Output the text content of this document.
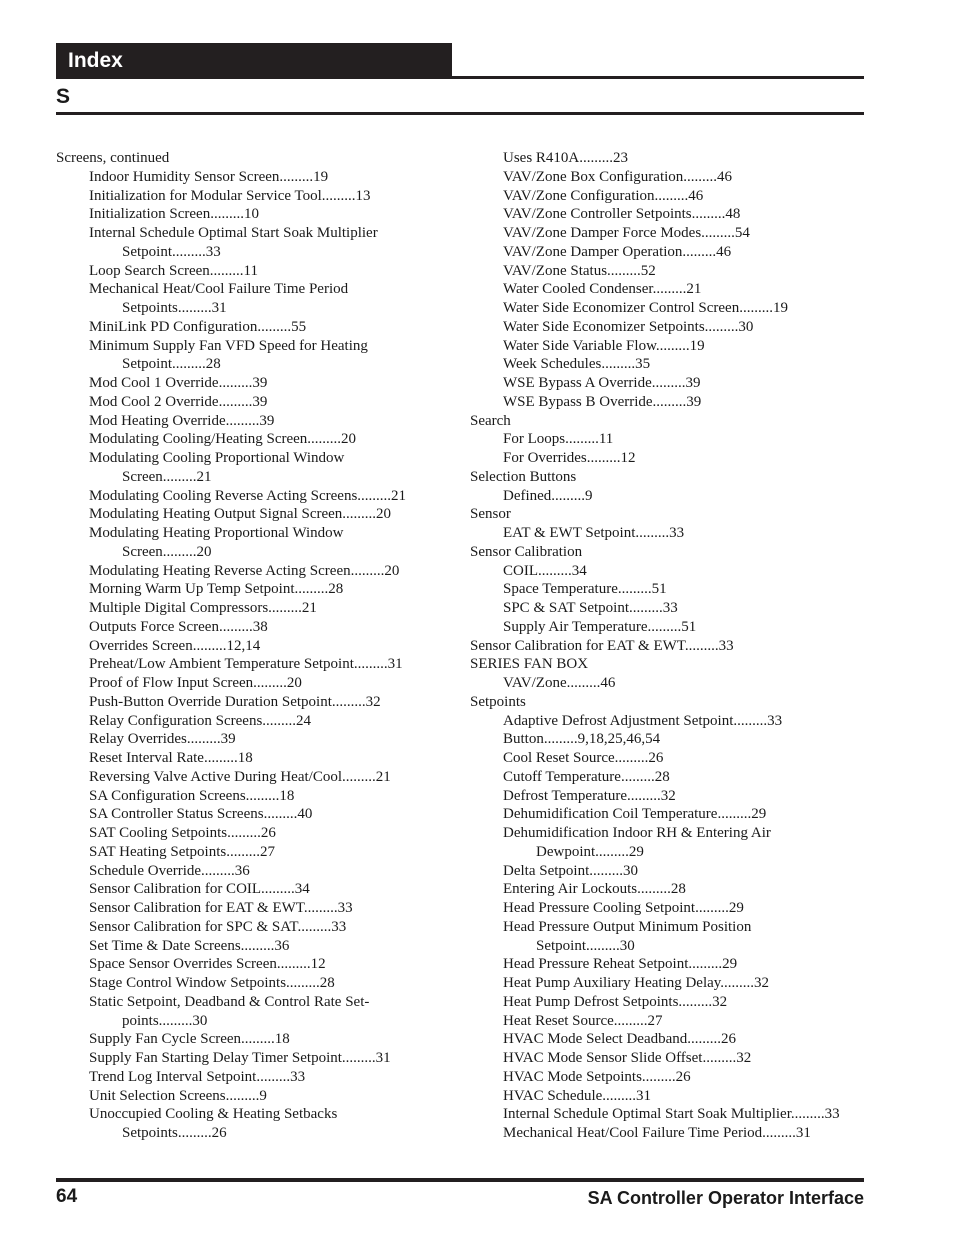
Index
S
Screens, continued
Indoor Humidity Sensor Screen.........19
Initialization for Modular Service Tool.........13
Initialization Screen.........10
Internal Schedule Optimal Start Soak Multiplier
Setpoint.........33
Loop Search Screen.........11
Mechanical Heat/Cool Failure Time Period
Setpoints.........31
MiniLink PD Configuration.........55
Minimum Supply Fan VFD Speed for Heating
Setpoint.........28
Mod Cool 1 Override.........39
Mod Cool 2 Override.........39
Mod Heating Override.........39
Modulating Cooling/Heating Screen.........20
Modulating Cooling Proportional Window
Screen.........21
Modulating Cooling Reverse Acting Screens.........21
Modulating Heating Output Signal Screen.........20
Modulating Heating Proportional Window
Screen.........20
Modulating Heating Reverse Acting Screen.........20
Morning Warm Up Temp Setpoint.........28
Multiple Digital Compressors.........21
Outputs Force Screen.........38
Overrides Screen.........12,14
Preheat/Low Ambient Temperature Setpoint.........31
Proof of Flow Input Screen.........20
Push-Button Override Duration Setpoint.........32
Relay Configuration Screens.........24
Relay Overrides.........39
Reset Interval Rate.........18
Reversing Valve Active During Heat/Cool.........21
SA Configuration Screens.........18
SA Controller Status Screens.........40
SAT Cooling Setpoints.........26
SAT Heating Setpoints.........27
Schedule Override.........36
Sensor Calibration for COIL.........34
Sensor Calibration for EAT & EWT.........33
Sensor Calibration for SPC & SAT.........33
Set Time & Date Screens.........36
Space Sensor Overrides Screen.........12
Stage Control Window Setpoints.........28
Static Setpoint, Deadband & Control Rate Set-
points.........30
Supply Fan Cycle Screen.........18
Supply Fan Starting Delay Timer Setpoint.........31
Trend Log Interval Setpoint.........33
Unit Selection Screens.........9
Unoccupied Cooling & Heating Setbacks
Setpoints.........26
Uses R410A.........23
VAV/Zone Box Configuration.........46
VAV/Zone Configuration.........46
VAV/Zone Controller Setpoints.........48
VAV/Zone Damper Force Modes.........54
VAV/Zone Damper Operation.........46
VAV/Zone Status.........52
Water Cooled Condenser.........21
Water Side Economizer Control Screen.........19
Water Side Economizer Setpoints.........30
Water Side Variable Flow.........19
Week Schedules.........35
WSE Bypass A Override.........39
WSE Bypass B Override.........39
Search
For Loops.........11
For Overrides.........12
Selection Buttons
Defined.........9
Sensor
EAT & EWT Setpoint.........33
Sensor Calibration
COIL.........34
Space Temperature.........51
SPC & SAT Setpoint.........33
Supply Air Temperature.........51
Sensor Calibration for EAT & EWT.........33
SERIES FAN BOX
VAV/Zone.........46
Setpoints
Adaptive Defrost Adjustment Setpoint.........33
Button.........9,18,25,46,54
Cool Reset Source.........26
Cutoff Temperature.........28
Defrost Temperature.........32
Dehumidification Coil Temperature.........29
Dehumidification Indoor RH & Entering Air
Dewpoint.........29
Delta Setpoint.........30
Entering Air Lockouts.........28
Head Pressure Cooling Setpoint.........29
Head Pressure Output Minimum Position
Setpoint.........30
Head Pressure Reheat Setpoint.........29
Heat Pump Auxiliary Heating Delay.........32
Heat Pump Defrost Setpoints.........32
Heat Reset Source.........27
HVAC Mode Select Deadband.........26
HVAC Mode Sensor Slide Offset.........32
HVAC Mode Setpoints.........26
HVAC Schedule.........31
Internal Schedule Optimal Start Soak Multiplier.........33
Mechanical Heat/Cool Failure Time Period.........31
64	SA Controller Operator Interface
